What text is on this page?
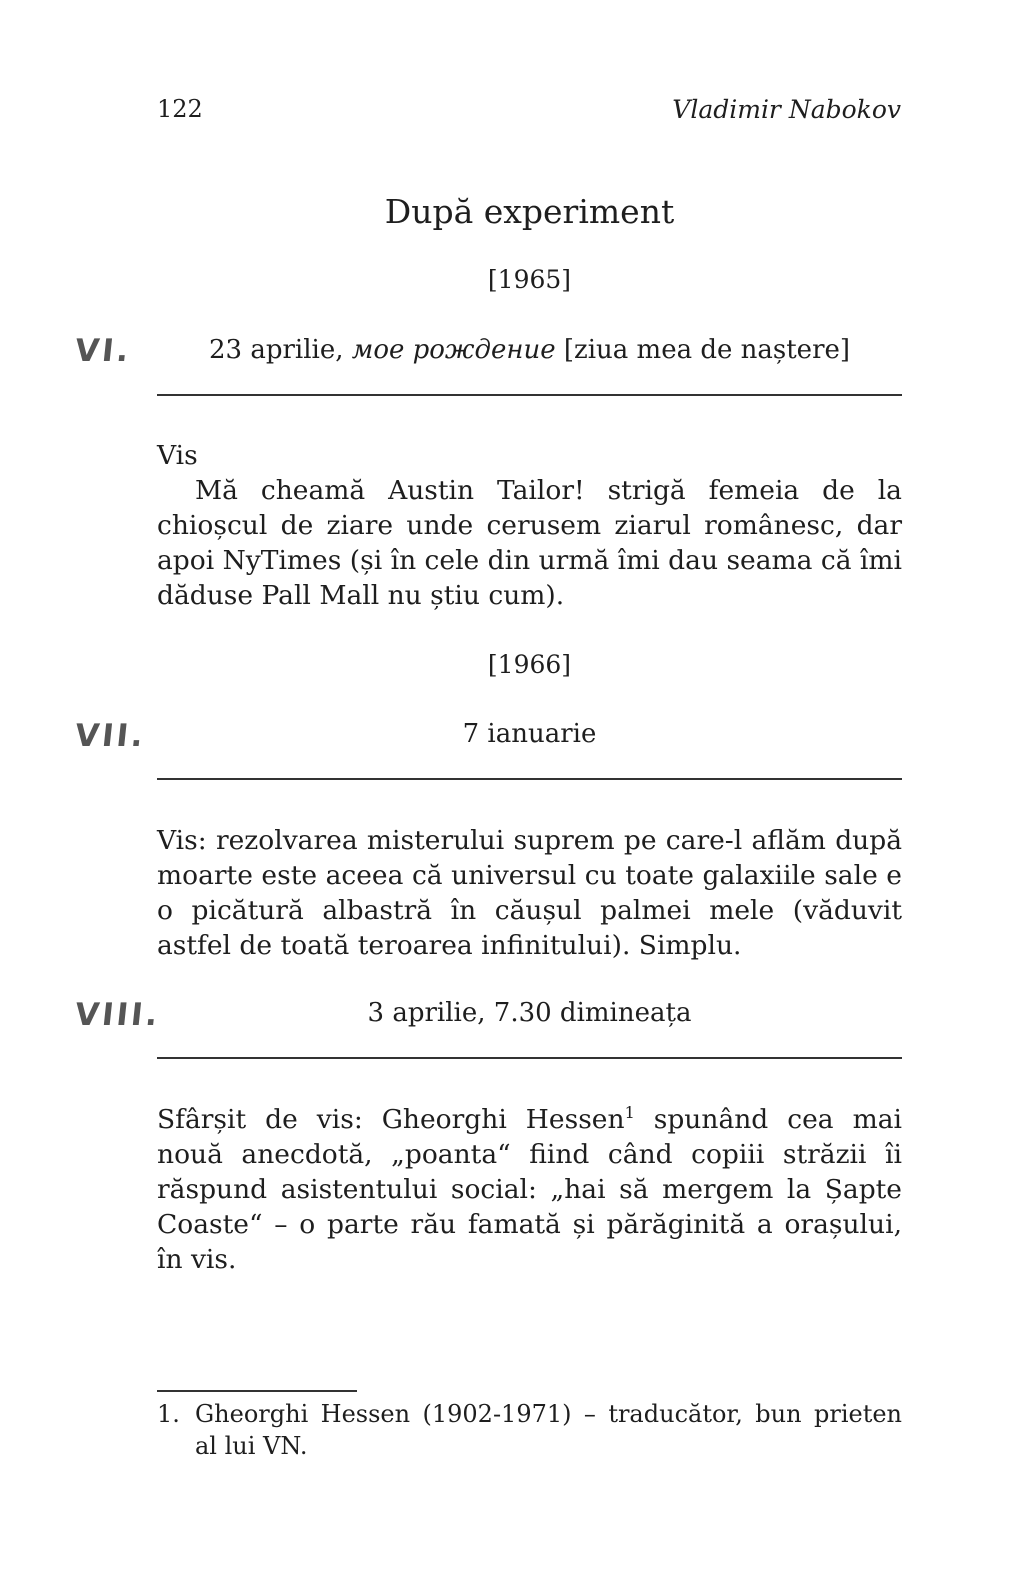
122	Vladimir Nabokov
După experiment
[1965]
VI.	23 aprilie, мое рождение [ziua mea de naștere]

Vis

Mă cheamă Austin Tailor! strigă femeia de la chioșcul de ziare unde cerusem ziarul românesc, dar apoi NyTimes (și în cele din urmă îmi dau seama că îmi dăduse Pall Mall nu știu cum).

[1966]
VII.	7 ianuarie

Vis: rezolvarea misterului suprem pe care-l aflăm după moarte este aceea că universul cu toate galaxiile sale e o picătură albastră în căușul palmei mele (văduvit astfel de toată teroarea infinitului). Simplu.

VIII.	3 aprilie, 7.30 dimineața

Sfârșit de vis: Gheorghi Hessen$^1$ spunând cea mai nouă anecdotă, „poanta“ fiind când copiii străzii îi răspund asistentului social: „hai să mergem la Șapte Coaste“ – o parte rău famată și părăginită a orașului, în vis.

1. Gheorghi Hessen (1902-1971) – traducător, bun prieten al lui VN.
